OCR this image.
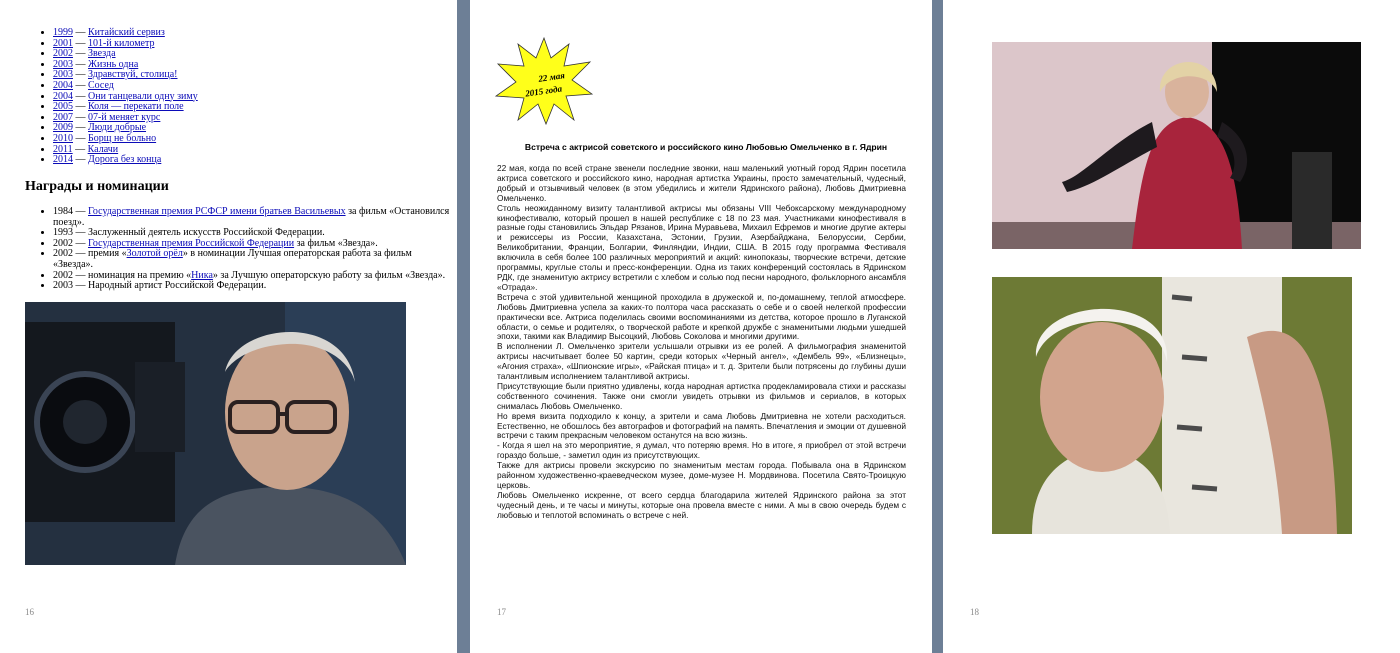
• 1999 — Китайский сервиз
• 2001 — 101-й километр
• 2002 — Звезда
• 2003 — Жизнь одна
• 2003 — Здравствуй, столица!
• 2004 — Сосед
• 2004 — Они танцевали одну зиму
• 2005 — Коля — перекати поле
• 2007 — 07-й меняет курс
• 2009 — Люди добрые
• 2010 — Борщ не больно
• 2011 — Калачи
• 2014 — Дорога без конца
Награды и номинации
• 1984 — Государственная премия РСФСР имени братьев Васильевых за фильм «Остановился поезд».
• 1993 — Заслуженный деятель искусств Российской Федерации.
• 2002 — Государственная премия Российской Федерации за фильм «Звезда».
• 2002 — премия «Золотой орёл» в номинации Лучшая операторская работа за фильм «Звезда».
• 2002 — номинация на премию «Ника» за Лучшую операторскую работу за фильм «Звезда».
• 2003 — Народный артист Российской Федерации.
16	17
22 мая
2015 года
Встреча с актрисой советского и российского кино Любовью Омельченко в г. Ядрин

22 мая, когда по всей стране звенели последние звонки, наш маленький уютный город Ядрин посетила актриса советского и российского кино, народная артистка Украины, просто замечательный, чудесный, добрый и отзывчивый человек (в этом убедились и жители Ядринского района), Любовь Дмитриевна Омельченко.

Столь неожиданному визиту талантливой актрисы мы обязаны VIII Чебоксарскому международному кинофестивалю, который прошел в нашей республике с 18 по 23 мая. Участниками кинофестиваля в разные годы становились Эльдар Рязанов, Ирина Муравьева, Михаил Ефремов и многие другие актеры и режиссеры из России, Казахстана, Эстонии, Грузии, Азербайджана, Белоруссии, Сербии, Великобритании, Франции, Болгарии, Финляндии, Индии, США. В 2015 году программа Фестиваля включила в себя более 100 различных мероприятий и акций: кинопоказы, творческие встречи, детские программы, круглые столы и пресс-конференции. Одна из таких конференций состоялась в Ядринском РДК, где знаменитую актрису встретили с хлебом и солью под песни народного, фольклорного ансамбля «Отрада».

Встреча с этой удивительной женщиной проходила в дружеской и, по-домашнему, теплой атмосфере. Любовь Дмитриевна успела за каких-то полтора часа рассказать о себе и о своей нелегкой профессии практически все. Актриса поделилась своими воспоминаниями из детства, которое прошло в Луганской области, о семье и родителях, о творческой работе и крепкой дружбе с знаменитыми людьми ушедшей эпохи, такими как Владимир Высоцкий, Любовь Соколова и многими другими.

В исполнении Л. Омельченко зрители услышали отрывки из ее ролей. А фильмография знаменитой актрисы насчитывает более 50 картин, среди которых «Черный ангел», «Дембель 99», «Близнецы», «Агония страха», «Шпионские игры», «Райская птица» и т. д. Зрители были потрясены до глубины души талантливым исполнением талантливой актрисы.

Присутствующие были приятно удивлены, когда народная артистка продекламировала стихи и рассказы собственного сочинения. Также они смогли увидеть отрывки из фильмов и сериалов, в которых снималась Любовь Омельченко.

Но время визита подходило к концу, а зрители и сама Любовь Дмитриевна не хотели расходиться. Естественно, не обошлось без автографов и фотографий на память. Впечатления и эмоции от душевной встречи с таким прекрасным человеком останутся на всю жизнь.

- Когда я шел на это мероприятие, я думал, что потеряю время. Но в итоге, я приобрел от этой встречи гораздо больше, - заметил один из присутствующих.

Также для актрисы провели экскурсию по знаменитым местам города. Побывала она в Ядринском районном художественно-краеведческом музее, доме-музее Н. Мордвинова. Посетила Свято-Троицкую церковь.

Любовь Омельченко искренне, от всего сердца благодарила жителей Ядринского района за этот чудесный день, и те часы и минуты, которые она провела вместе с ними. А мы в свою очередь будем с любовью и теплотой вспоминать о встрече с ней.

18
